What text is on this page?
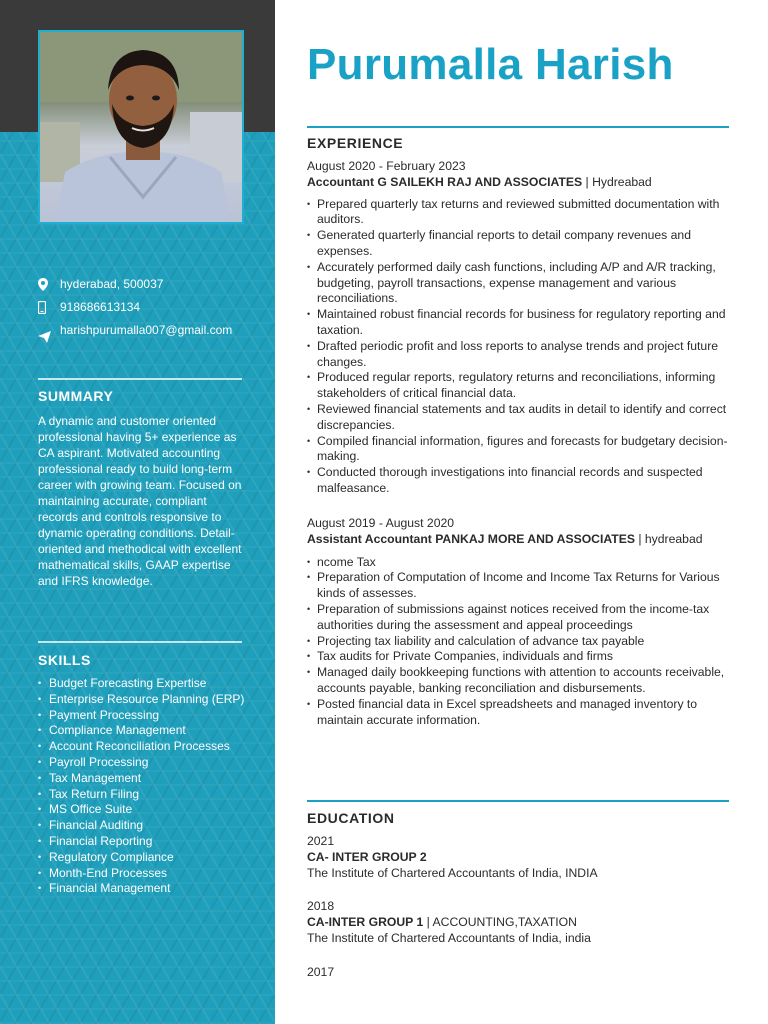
hyderabad, 500037
918686613134
harishpurumalla007@gmail.com
SUMMARY
A dynamic and customer oriented professional having 5+ experience as CA aspirant. Motivated accounting professional ready to build long-term career with growing team. Focused on maintaining accurate, compliant records and controls responsive to dynamic operating conditions. Detail-oriented and methodical with excellent mathematical skills, GAAP expertise and IFRS knowledge.
SKILLS
• Budget Forecasting Expertise
• Enterprise Resource Planning (ERP)
• Payment Processing
• Compliance Management
• Account Reconciliation Processes
• Payroll Processing
• Tax Management
• Tax Return Filing
• MS Office Suite
• Financial Auditing
• Financial Reporting
• Regulatory Compliance
• Month-End Processes
• Financial Management
Purumalla Harish
EXPERIENCE
August 2020 - February 2023
Accountant G SAILEKH RAJ AND ASSOCIATES | Hydreabad
• Prepared quarterly tax returns and reviewed submitted documentation with auditors.
• Generated quarterly financial reports to detail company revenues and expenses.
• Accurately performed daily cash functions, including A/P and A/R tracking, budgeting, payroll transactions, expense management and various reconciliations.
• Maintained robust financial records for business for regulatory reporting and taxation.
• Drafted periodic profit and loss reports to analyse trends and project future changes.
• Produced regular reports, regulatory returns and reconciliations, informing stakeholders of critical financial data.
• Reviewed financial statements and tax audits in detail to identify and correct discrepancies.
• Compiled financial information, figures and forecasts for budgetary decision-making.
• Conducted thorough investigations into financial records and suspected malfeasance.
August 2019 - August 2020
Assistant Accountant PANKAJ MORE AND ASSOCIATES | hydreabad
• ncome Tax
• Preparation of Computation of Income and Income Tax Returns for Various kinds of assesses.
• Preparation of submissions against notices received from the income-tax authorities during the assessment and appeal proceedings
• Projecting tax liability and calculation of advance tax payable
• Tax audits for Private Companies, individuals and firms
• Managed daily bookkeeping functions with attention to accounts receivable, accounts payable, banking reconciliation and disbursements.
• Posted financial data in Excel spreadsheets and managed inventory to maintain accurate information.
EDUCATION
2021
CA- INTER GROUP 2
The Institute of Chartered Accountants of India, INDIA
2018
CA-INTER GROUP 1 | ACCOUNTING,TAXATION
The Institute of Chartered Accountants of India, india
2017
